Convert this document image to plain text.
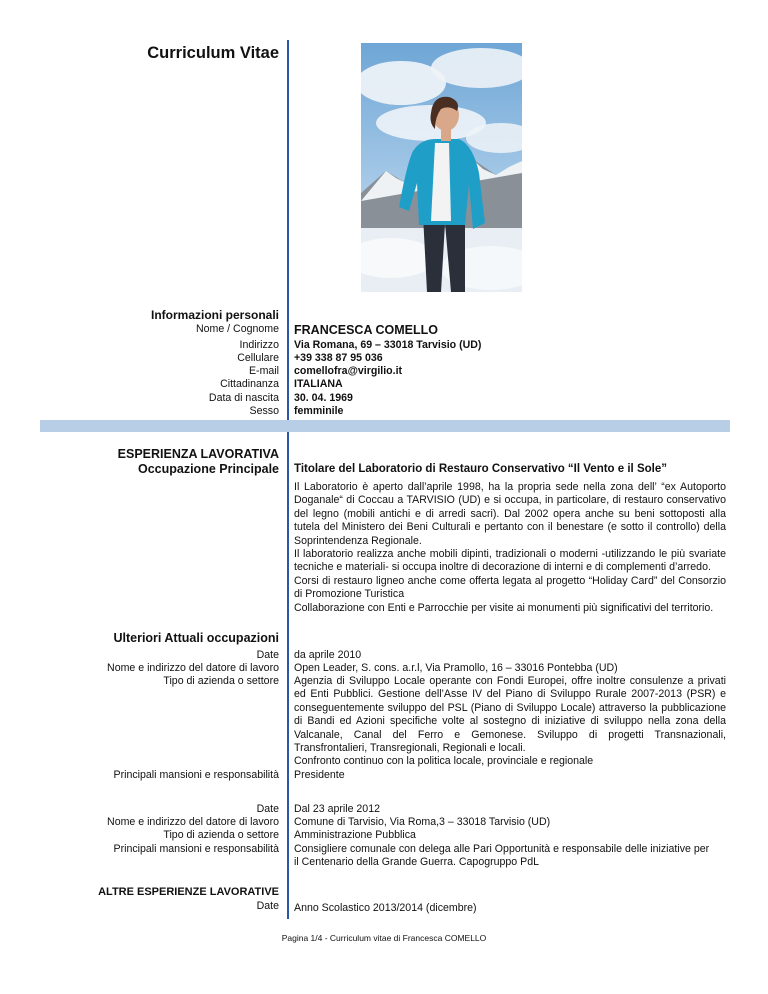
Curriculum Vitae
Informazioni personali
Nome / Cognome FRANCESCA COMELLO
Indirizzo Via Romana, 69 – 33018 Tarvisio (UD)
Cellulare +39 338 87 95 036
E-mail comellofra@virgilio.it
Cittadinanza ITALIANA
Data di nascita 30. 04. 1969
Sesso femminile
ESPERIENZA LAVORATIVA
Occupazione Principale Titolare del Laboratorio di Restauro Conservativo “Il Vento e il Sole”
Il Laboratorio è aperto dall’aprile 1998, ha la propria sede nella zona dell’ “ex Autoporto
Doganale“ di Coccau a TARVISIO (UD) e si occupa, in particolare, di restauro conservativo
del legno (mobili antichi e di arredi sacri). Dal 2002 opera anche su beni sottoposti alla
tutela del Ministero dei Beni Culturali e pertanto con il benestare (e sotto il controllo) della
Soprintendenza Regionale.
Il laboratorio realizza anche mobili dipinti, tradizionali o moderni -utilizzando le più svariate
tecniche e materiali- si occupa inoltre di decorazione di interni e di complementi d’arredo.
Corsi di restauro ligneo anche come offerta legata al progetto “Holiday Card” del Consorzio
di Promozione Turistica
Collaborazione con Enti e Parrocchie per visite ai monumenti più significativi del territorio.
Ulteriori Attuali occupazioni
Date da aprile 2010
Nome e indirizzo del datore di lavoro Open Leader, S. cons. a.r.l, Via Pramollo, 16 – 33016 Pontebba (UD)
Tipo di azienda o settore Agenzia di Sviluppo Locale operante con Fondi Europei, offre inoltre consulenze a privati
ed Enti Pubblici. Gestione dell’Asse IV del Piano di Sviluppo Rurale 2007-2013 (PSR) e
conseguentemente sviluppo del PSL (Piano di Sviluppo Locale) attraverso la pubblicazione
di Bandi ed Azioni specifiche volte al sostegno di iniziative di sviluppo nella zona della
Valcanale, Canal del Ferro e Gemonese. Sviluppo di progetti Transnazionali,
Transfrontalieri, Transregionali, Regionali e locali.
Confronto continuo con la politica locale, provinciale e regionale
Principali mansioni e responsabilità Presidente
Date Dal 23 aprile 2012
Nome e indirizzo del datore di lavoro Comune di Tarvisio, Via Roma,3 – 33018 Tarvisio (UD)
Tipo di azienda o settore Amministrazione Pubblica
Principali mansioni e responsabilità Consigliere comunale con delega alle Pari Opportunità e responsabile delle iniziative per
il Centenario della Grande Guerra. Capogruppo PdL
ALTRE ESPERIENZE LAVORATIVE
Date Anno Scolastico 2013/2014 (dicembre)
Pagina 1/4 - Curriculum vitae di Francesca COMELLO
